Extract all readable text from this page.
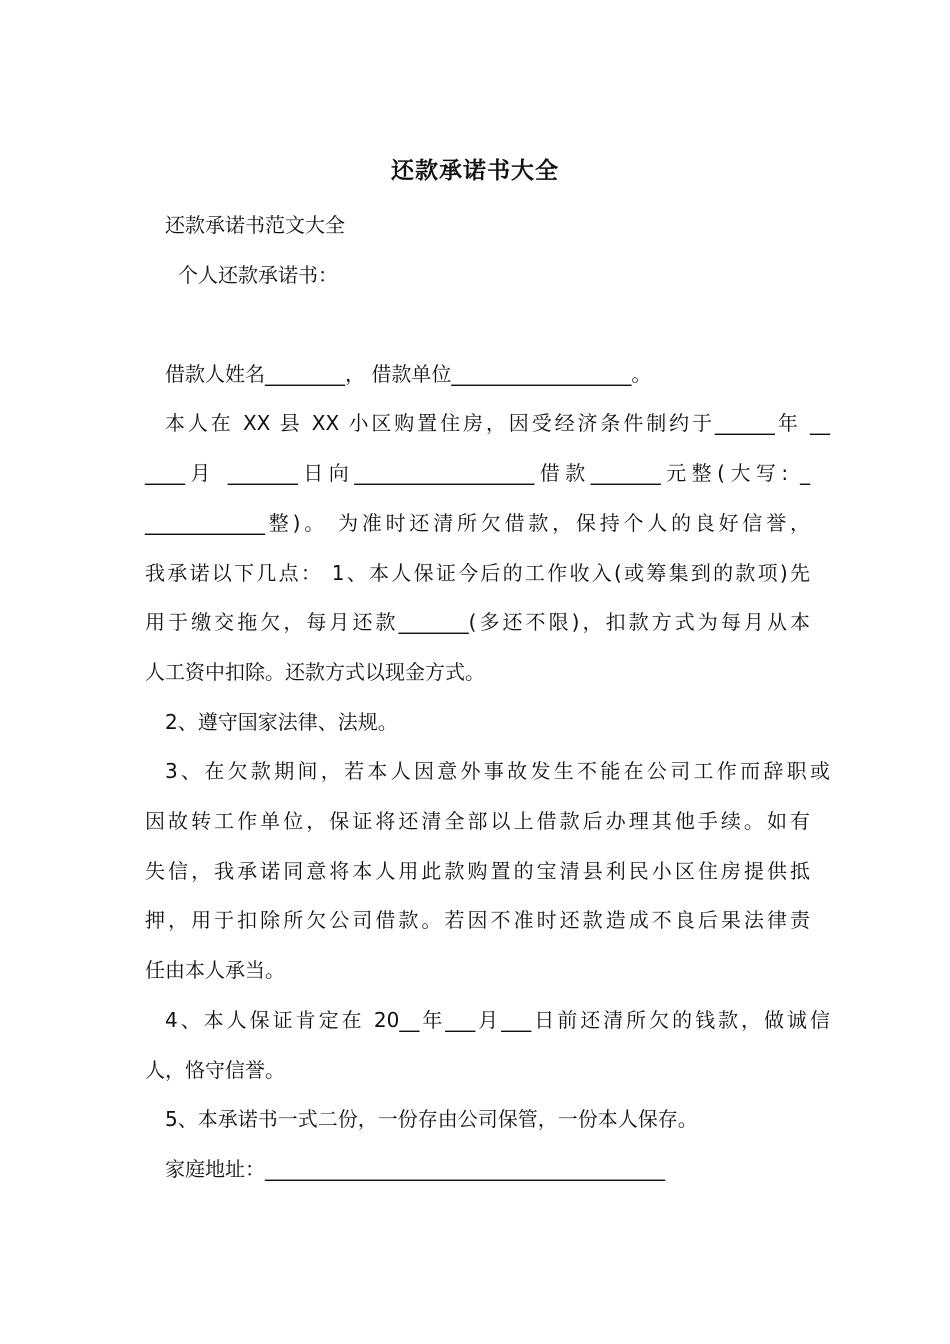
还款承诺书大全
还款承诺书范文大全
个人还款承诺书：
借款人姓名________， 借款单位__________________。
本人在 XX 县 XX 小区购置住房，因受经济条件制约于______年 __
____月 _______日向__________________借款_______元整(大写: _
____________整)。 为准时还清所欠借款，保持个人的良好信誉，
我承诺以下几点： 1、本人保证今后的工作收入(或筹集到的款项)先
用于缴交拖欠，每月还款_______(多还不限)，扣款方式为每月从本
人工资中扣除。还款方式以现金方式。
2、遵守国家法律、法规。
3、在欠款期间，若本人因意外事故发生不能在公司工作而辞职或
因故转工作单位，保证将还清全部以上借款后办理其他手续。如有
失信，我承诺同意将本人用此款购置的宝清县利民小区住房提供抵
押，用于扣除所欠公司借款。若因不准时还款造成不良后果法律责
任由本人承当。
4、本人保证肯定在 20__年___月___日前还清所欠的钱款，做诚信
人，恪守信誉。
5、本承诺书一式二份，一份存由公司保管，一份本人保存。
家庭地址：________________________________________
